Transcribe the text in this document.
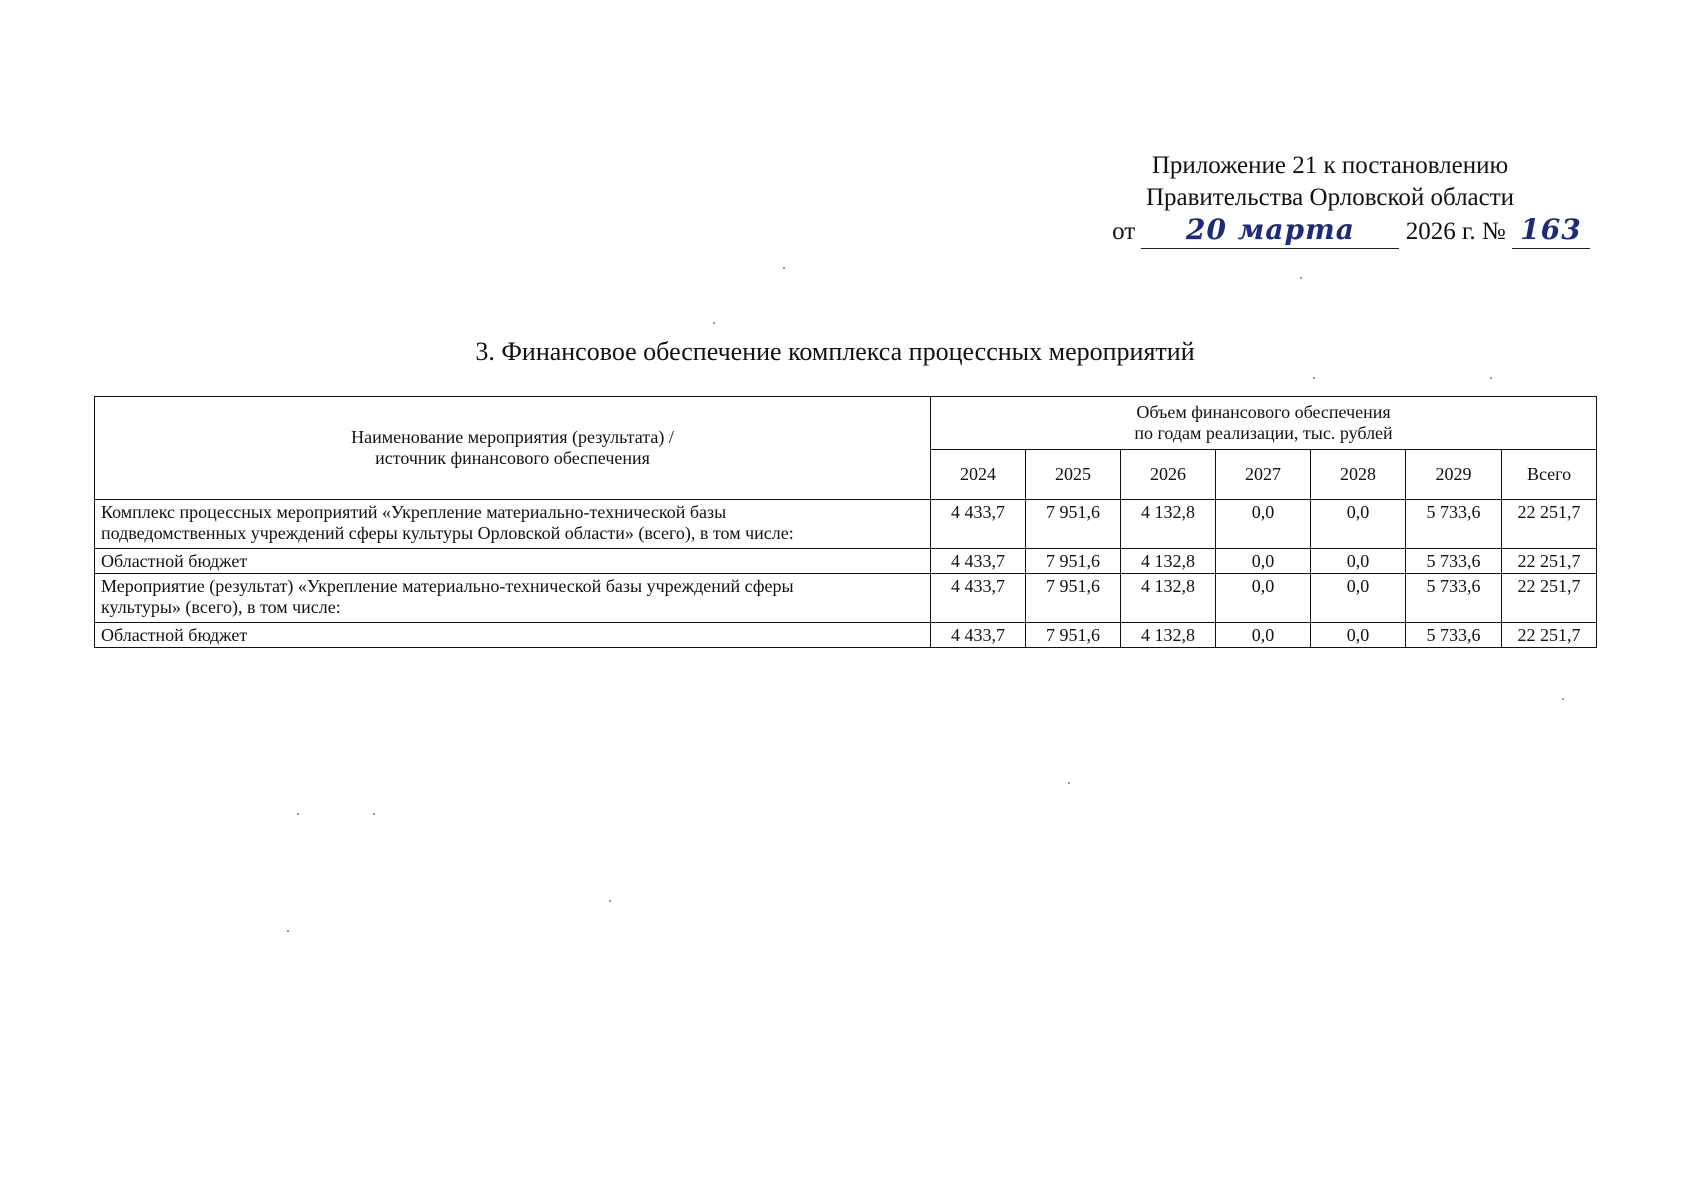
Приложение 21 к постановлению
Правительства Орловской области
от 20 марта 2026 г. № 163
3. Финансовое обеспечение комплекса процессных мероприятий
Наименование мероприятия (результата) /
источник финансового обеспечения	Объем финансового обеспечения
по годам реализации, тыс. рублей						
	2024	2025	2026	2027	2028	2029	Всего
Комплекс процессных мероприятий «Укрепление материально-технической базы
подведомственных учреждений сферы культуры Орловской области» (всего), в том числе:	4 433,7	7 951,6	4 132,8	0,0	0,0	5 733,6	22 251,7
Областной бюджет	4 433,7	7 951,6	4 132,8	0,0	0,0	5 733,6	22 251,7
Мероприятие (результат) «Укрепление материально-технической базы учреждений сферы
культуры» (всего), в том числе:	4 433,7	7 951,6	4 132,8	0,0	0,0	5 733,6	22 251,7
Областной бюджет	4 433,7	7 951,6	4 132,8	0,0	0,0	5 733,6	22 251,7
